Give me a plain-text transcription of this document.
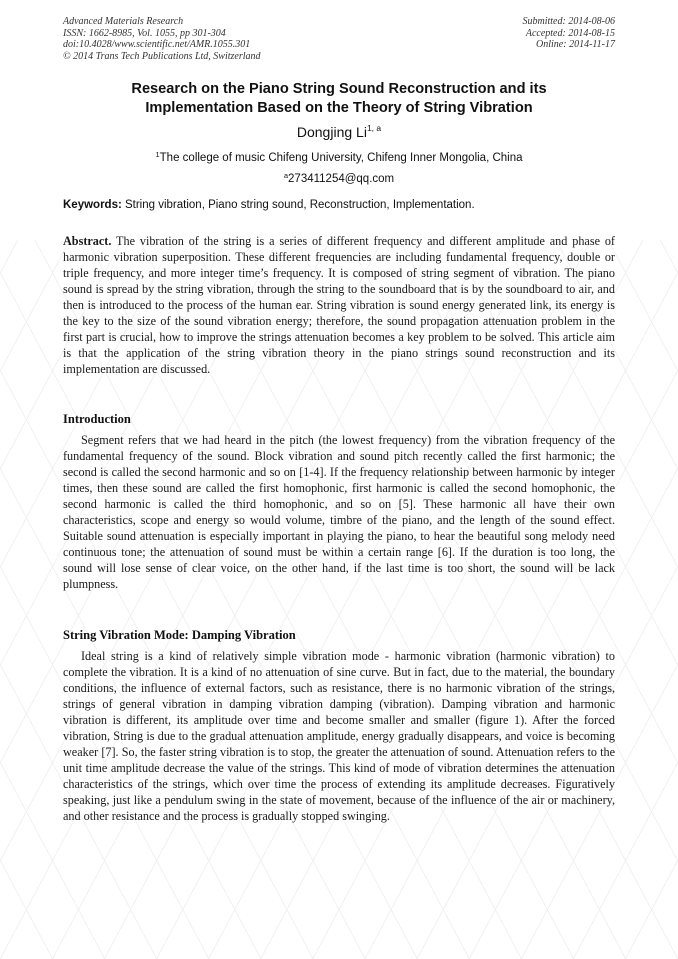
Advanced Materials Research
ISSN: 1662-8985, Vol. 1055, pp 301-304
doi:10.4028/www.scientific.net/AMR.1055.301
© 2014 Trans Tech Publications Ltd, Switzerland
Submitted: 2014-08-06
Accepted: 2014-08-15
Online: 2014-11-17
Research on the Piano String Sound Reconstruction and its
Implementation Based on the Theory of String Vibration
Dongjing Li$^{1, a}$
$^1$The college of music Chifeng University, Chifeng Inner Mongolia, China
$^a$273411254@qq.com
Keywords: String vibration, Piano string sound, Reconstruction, Implementation.
Abstract. The vibration of the string is a series of different frequency and different amplitude and phase of harmonic vibration superposition. These different frequencies are including fundamental frequency, double or triple frequency, and more integer time’s frequency. It is composed of string segment of vibration. The piano sound is spread by the string vibration, through the string to the soundboard that is by the soundboard to air, and then is introduced to the process of the human ear. String vibration is sound energy generated link, its energy is the key to the size of the sound vibration energy; therefore, the sound propagation attenuation problem in the first part is crucial, how to improve the strings attenuation becomes a key problem to be solved. This article aim is that the application of the string vibration theory in the piano strings sound reconstruction and its implementation are discussed.
Introduction
Segment refers that we had heard in the pitch (the lowest frequency) from the vibration frequency of the fundamental frequency of the sound. Block vibration and sound pitch recently called the first harmonic; the second is called the second harmonic and so on [1-4]. If the frequency relationship between harmonic by integer times, then these sound are called the first homophonic, first harmonic is called the second homophonic, the second harmonic is called the third homophonic, and so on [5]. These harmonic all have their own characteristics, scope and energy so would volume, timbre of the piano, and the length of the sound effect. Suitable sound attenuation is especially important in playing the piano, to hear the beautiful song melody need continuous tone; the attenuation of sound must be within a certain range [6]. If the duration is too long, the sound will lose sense of clear voice, on the other hand, if the last time is too short, the sound will be lack plumpness.
String Vibration Mode: Damping Vibration
Ideal string is a kind of relatively simple vibration mode - harmonic vibration (harmonic vibration) to complete the vibration. It is a kind of no attenuation of sine curve. But in fact, due to the material, the boundary conditions, the influence of external factors, such as resistance, there is no harmonic vibration of the strings, strings of general vibration in damping vibration damping (vibration). Damping vibration and harmonic vibration is different, its amplitude over time and become smaller and smaller (figure 1). After the forced vibration, String is due to the gradual attenuation amplitude, energy gradually disappears, and voice is becoming weaker [7]. So, the faster string vibration is to stop, the greater the attenuation of sound. Attenuation refers to the unit time amplitude decrease the value of the strings. This kind of mode of vibration determines the attenuation characteristics of the strings, which over time the process of extending its amplitude decreases. Figuratively speaking, just like a pendulum swing in the state of movement, because of the influence of the air or machinery, and other resistance and the process is gradually stopped swinging.
